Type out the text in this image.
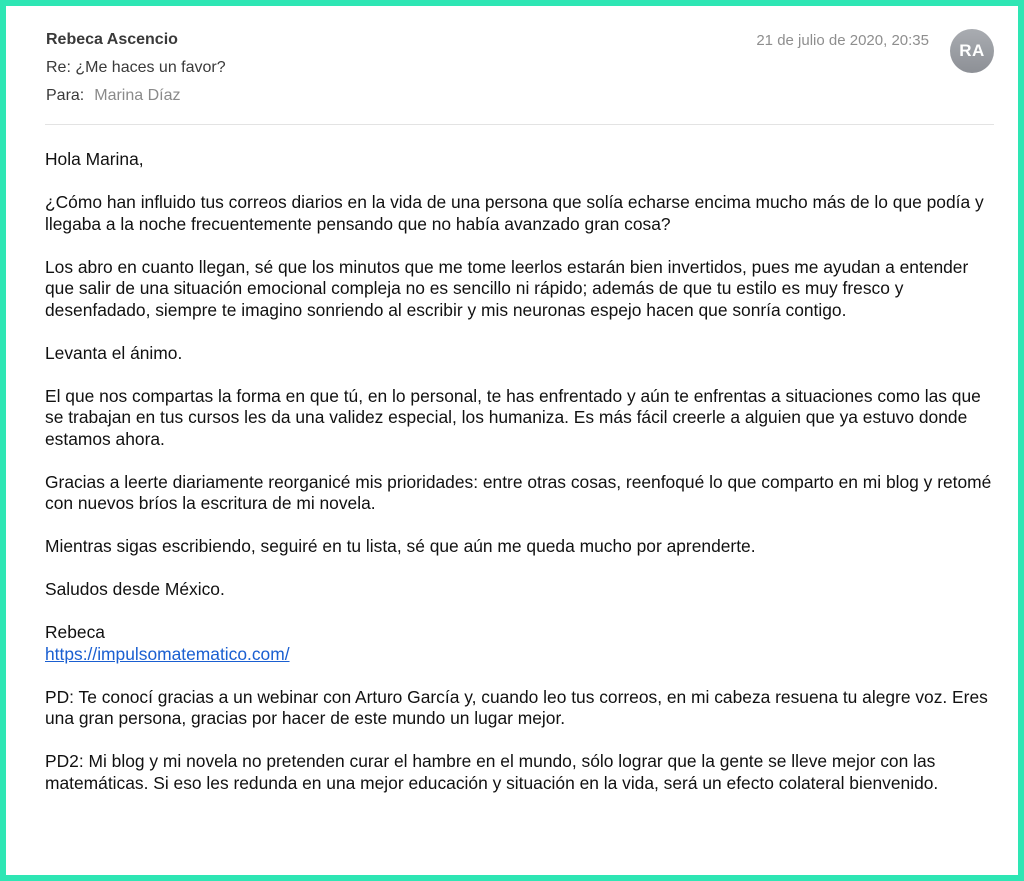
Rebeca Ascencio
Re: ¿Me haces un favor?
Para: Marina Díaz
21 de julio de 2020, 20:35
RA

Hola Marina,

¿Cómo han influido tus correos diarios en la vida de una persona que solía echarse encima mucho más de lo que podía y llegaba a la noche frecuentemente pensando que no había avanzado gran cosa?

Los abro en cuanto llegan, sé que los minutos que me tome leerlos estarán bien invertidos, pues me ayudan a entender que salir de una situación emocional compleja no es sencillo ni rápido; además de que tu estilo es muy fresco y desenfadado, siempre te imagino sonriendo al escribir y mis neuronas espejo hacen que sonría contigo.

Levanta el ánimo.

El que nos compartas la forma en que tú, en lo personal, te has enfrentado y aún te enfrentas a situaciones como las que se trabajan en tus cursos les da una validez especial, los humaniza. Es más fácil creerle a alguien que ya estuvo donde estamos ahora.

Gracias a leerte diariamente reorganicé mis prioridades: entre otras cosas, reenfoqué lo que comparto en mi blog y retomé con nuevos bríos la escritura de mi novela.

Mientras sigas escribiendo, seguiré en tu lista, sé que aún me queda mucho por aprenderte.

Saludos desde México.

Rebeca
https://impulsomatematico.com/

PD: Te conocí gracias a un webinar con Arturo García y, cuando leo tus correos, en mi cabeza resuena tu alegre voz. Eres una gran persona, gracias por hacer de este mundo un lugar mejor.

PD2: Mi blog y mi novela no pretenden curar el hambre en el mundo, sólo lograr que la gente se lleve mejor con las matemáticas. Si eso les redunda en una mejor educación y situación en la vida, será un efecto colateral bienvenido.
